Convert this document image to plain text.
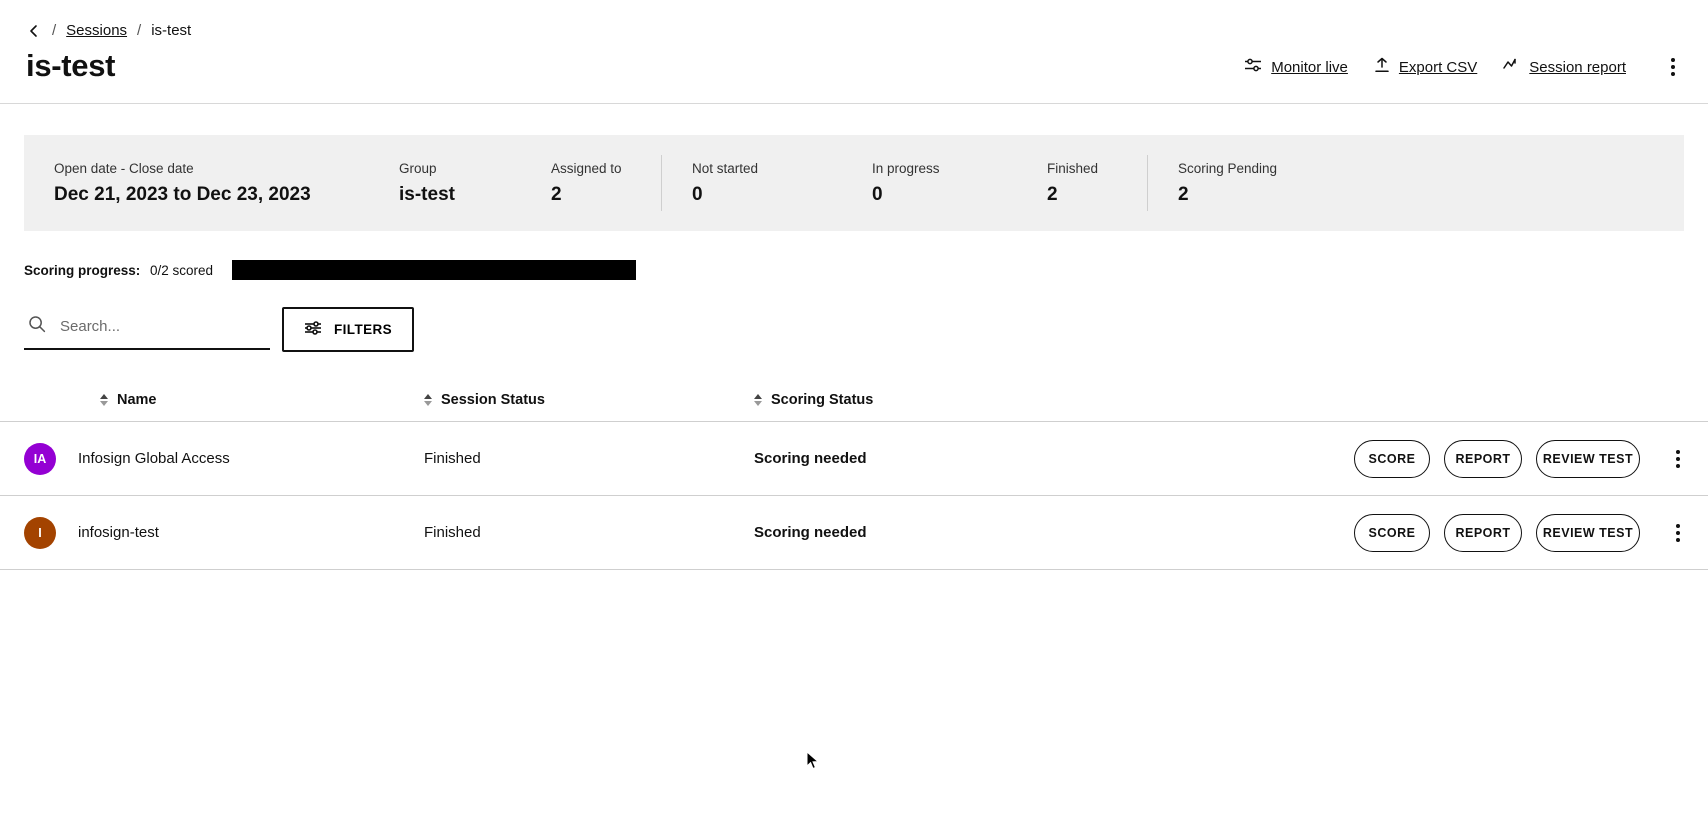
/ Sessions / is-test
is-test	Monitor live	Export CSV	Session report
Open date - Close date
Dec 21, 2023 to Dec 23, 2023
Group
is-test
Assigned to
2
Not started
0
In progress
0
Finished
2
Scoring Pending
2
Scoring progress: 0/2 scored
Search...
FILTERS
Name	Session Status	Scoring Status
IA	Infosign Global Access	Finished	Scoring needed	SCORE	REPORT	REVIEW TEST
I	infosign-test	Finished	Scoring needed	SCORE	REPORT	REVIEW TEST
